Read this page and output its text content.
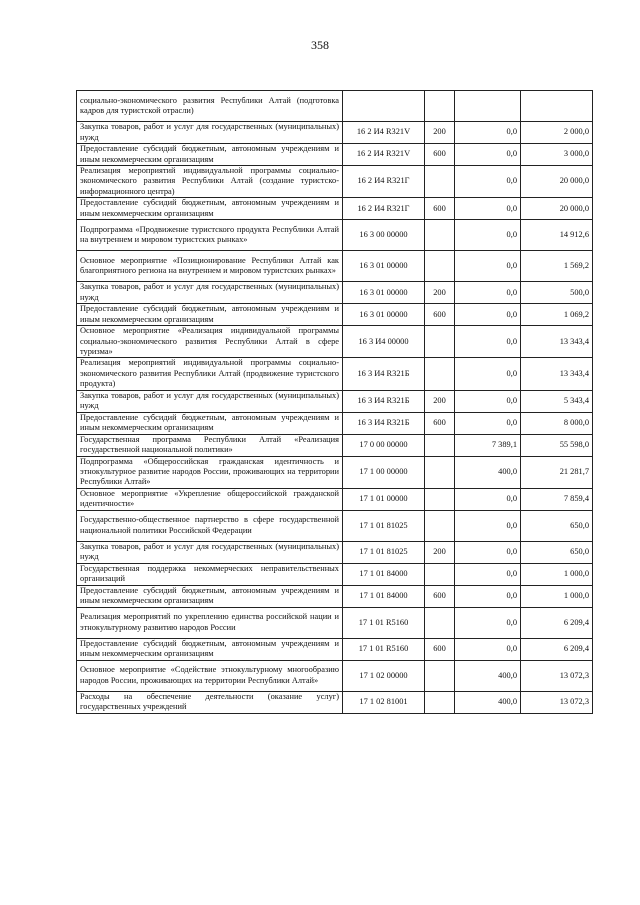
358
социально-экономического развития Республики Алтай (подготовка кадров для туристской отрасли)				
Закупка товаров, работ и услуг для государственных (муниципальных) нужд	16 2 И4 R321V	200	0,0	2 000,0
Предоставление субсидий бюджетным, автономным учреждениям и иным некоммерческим организациям	16 2 И4 R321V	600	0,0	3 000,0
Реализация мероприятий индивидуальной программы социально-экономического развития Республики Алтай (создание туристско-информационного центра)	16 2 И4 R321Г		0,0	20 000,0
Предоставление субсидий бюджетным, автономным учреждениям и иным некоммерческим организациям	16 2 И4 R321Г	600	0,0	20 000,0
Подпрограмма «Продвижение туристского продукта Республики Алтай на внутреннем и мировом туристских рынках»	16 3 00 00000		0,0	14 912,6
Основное мероприятие «Позиционирование Республики Алтай как благоприятного региона на внутреннем и мировом туристских рынках»	16 3 01 00000		0,0	1 569,2
Закупка товаров, работ и услуг для государственных (муниципальных) нужд	16 3 01 00000	200	0,0	500,0
Предоставление субсидий бюджетным, автономным учреждениям и иным некоммерческим организациям	16 3 01 00000	600	0,0	1 069,2
Основное мероприятие «Реализация индивидуальной программы социально-экономического развития Республики Алтай в сфере туризма»	16 3 И4 00000		0,0	13 343,4
Реализация мероприятий индивидуальной программы социально-экономического развития Республики Алтай (продвижение туристского продукта)	16 3 И4 R321Б		0,0	13 343,4
Закупка товаров, работ и услуг для государственных (муниципальных) нужд	16 3 И4 R321Б	200	0,0	5 343,4
Предоставление субсидий бюджетным, автономным учреждениям и иным некоммерческим организациям	16 3 И4 R321Б	600	0,0	8 000,0
Государственная программа Республики Алтай «Реализация государственной национальной политики»	17 0 00 00000		7 389,1	55 598,0
Подпрограмма «Общероссийская гражданская идентичность и этнокультурное развитие народов России, проживающих на территории Республики Алтай»	17 1 00 00000		400,0	21 281,7
Основное мероприятие «Укрепление общероссийской гражданской идентичности»	17 1 01 00000		0,0	7 859,4
Государственно-общественное партнерство в сфере государственной национальной политики Российской Федерации	17 1 01 81025		0,0	650,0
Закупка товаров, работ и услуг для государственных (муниципальных) нужд	17 1 01 81025	200	0,0	650,0
Государственная поддержка некоммерческих неправительственных организаций	17 1 01 84000		0,0	1 000,0
Предоставление субсидий бюджетным, автономным учреждениям и иным некоммерческим организациям	17 1 01 84000	600	0,0	1 000,0
Реализация мероприятий по укреплению единства российской нации и этнокультурному развитию народов России	17 1 01 R5160		0,0	6 209,4
Предоставление субсидий бюджетным, автономным учреждениям и иным некоммерческим организациям	17 1 01 R5160	600	0,0	6 209,4
Основное мероприятие «Содействие этнокультурному многообразию народов России, проживающих на территории Республики Алтай»	17 1 02 00000		400,0	13 072,3
Расходы на обеспечение деятельности (оказание услуг) государственных учреждений	17 1 02 81001		400,0	13 072,3
